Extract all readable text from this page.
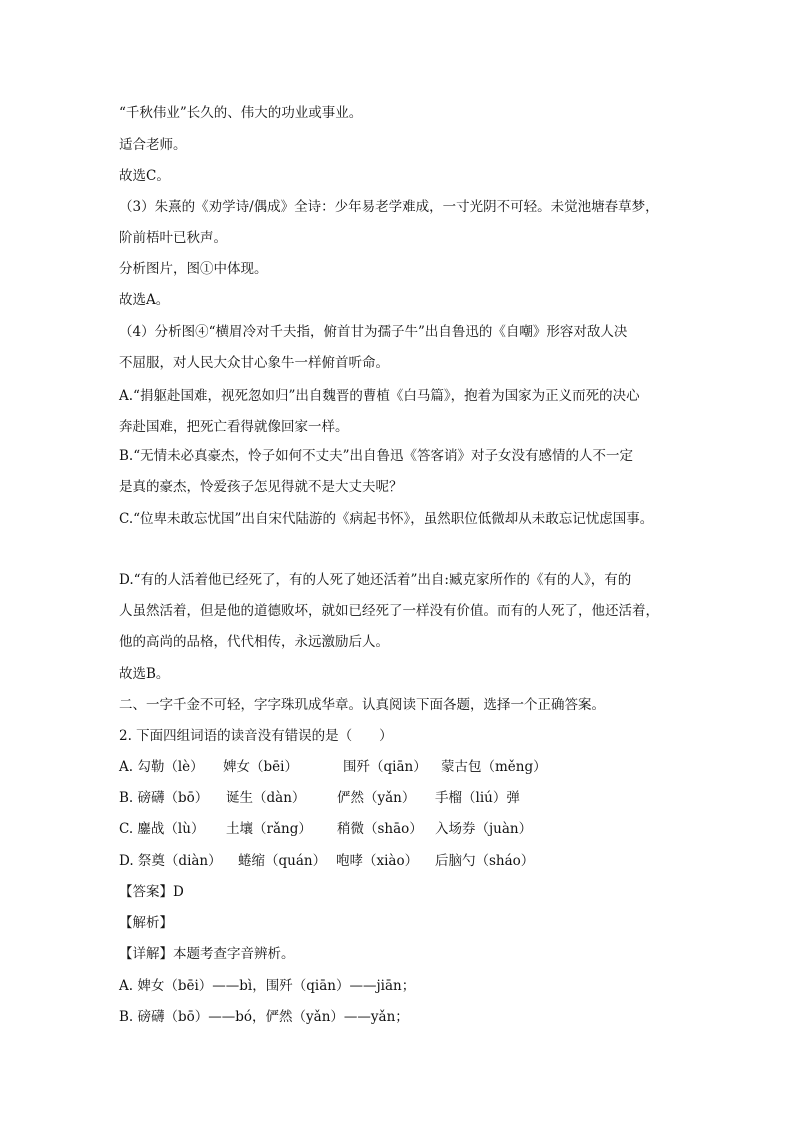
“千秋伟业”长久的、伟大的功业或事业。
适合老师。
故选C。
（3）朱熹的《劝学诗/偶成》全诗：少年易老学难成，一寸光阴不可轻。未觉池塘春草梦，
阶前梧叶已秋声。
分析图片，图①中体现。
故选A。
（4）分析图④“横眉冷对千夫指，俯首甘为孺子牛”出自鲁迅的《自嘲》形容对敌人决
不屈服，对人民大众甘心象牛一样俯首听命。
A.“捐躯赴国难，视死忽如归”出自魏晋的曹植《白马篇》，抱着为国家为正义而死的决心
奔赴国难，把死亡看得就像回家一样。
B.“无情未必真豪杰，怜子如何不丈夫”出自鲁迅《答客诮》对子女没有感情的人不一定
是真的豪杰，怜爱孩子怎见得就不是大丈夫呢？
C.“位卑未敢忘忧国”出自宋代陆游的《病起书怀》，虽然职位低微却从未敢忘记忧虑国事。
D.“有的人活着他已经死了，有的人死了她还活着”出自:臧克家所作的《有的人》，有的
人虽然活着，但是他的道德败坏，就如已经死了一样没有价值。而有的人死了，他还活着，
他的高尚的品格，代代相传，永远激励后人。
故选B。
二、一字千金不可轻，字字珠玑成华章。认真阅读下面各题，选择一个正确答案。
2. 下面四组词语的读音没有错误的是（　　）
A. 勾勒（lè） 婢女（bēi）	围歼（qiān） 蒙古包（měng）
B. 磅礴（bō） 诞生（dàn） 俨然（yǎn） 手榴（liú）弹
C. 鏖战（lù） 土壤（rǎng） 稍微（shāo） 入场券（juàn）
D. 祭奠（diàn） 蜷缩（quán） 咆哮（xiào） 后脑勺（sháo）
【答案】D
【解析】
【详解】本题考查字音辨析。
A. 婢女（bēi）——bì，围歼（qiān）——jiān；
B. 磅礴（bō）——bó，俨然（yǎn）——yǎn；
